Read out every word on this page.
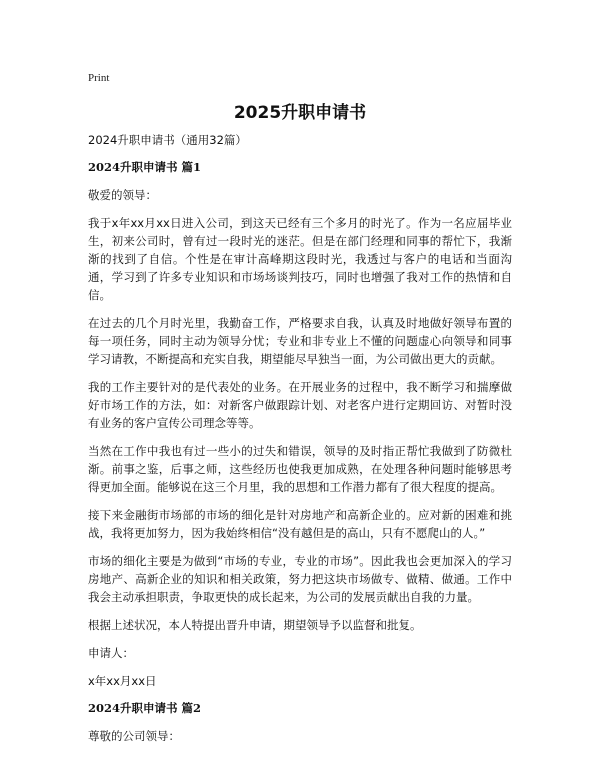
Print
2025升职申请书
2024升职申请书（通用32篇）
2024升职申请书 篇1
敬爱的领导：
我于x年xx月xx日进入公司，到这天已经有三个多月的时光了。作为一名应届毕业生，初来公司时，曾有过一段时光的迷茫。但是在部门经理和同事的帮忙下，我渐渐的找到了自信。个性是在审计高峰期这段时光，我透过与客户的电话和当面沟通，学习到了许多专业知识和市场场谈判技巧，同时也增强了我对工作的热情和自信。
在过去的几个月时光里，我勤奋工作，严格要求自我，认真及时地做好领导布置的每一项任务，同时主动为领导分忧；专业和非专业上不懂的问题虚心向领导和同事学习请教，不断提高和充实自我，期望能尽早独当一面，为公司做出更大的贡献。
我的工作主要针对的是代表处的业务。在开展业务的过程中，我不断学习和揣摩做好市场工作的方法，如：对新客户做跟踪计划、对老客户进行定期回访、对暂时没有业务的客户宣传公司理念等等。
当然在工作中我也有过一些小的过失和错误，领导的及时指正帮忙我做到了防微杜渐。前事之鉴，后事之师，这些经历也使我更加成熟，在处理各种问题时能够思考得更加全面。能够说在这三个月里，我的思想和工作潜力都有了很大程度的提高。
接下来金融街市场部的市场的细化是针对房地产和高新企业的。应对新的困难和挑战，我将更加努力，因为我始终相信“没有越但是的高山，只有不愿爬山的人。”
市场的细化主要是为做到“市场的专业，专业的市场”。因此我也会更加深入的学习房地产、高新企业的知识和相关政策，努力把这块市场做专、做精、做通。工作中我会主动承担职责，争取更快的成长起来，为公司的发展贡献出自我的力量。
根据上述状况，本人特提出晋升申请，期望领导予以监督和批复。
申请人：
x年xx月xx日
2024升职申请书 篇2
尊敬的公司领导：
